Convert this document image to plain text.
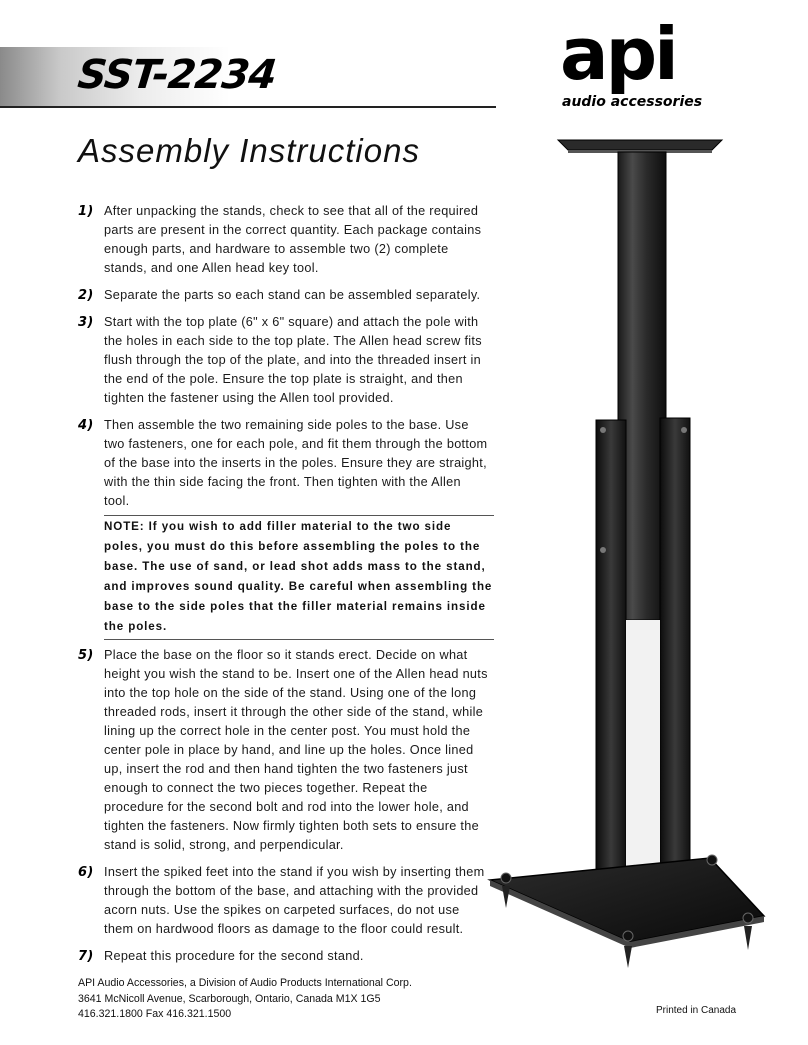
SST-2234	api
audio accessories
Assembly Instructions
1) After unpacking the stands, check to see that all of the required parts are present in the correct quantity. Each package contains enough parts, and hardware to assemble two (2) complete stands, and one Allen head key tool.
2) Separate the parts so each stand can be assembled separately.
3) Start with the top plate (6" x 6" square) and attach the pole with the holes in each side to the top plate. The Allen head screw fits flush through the top of the plate, and into the threaded insert in the end of the pole. Ensure the top plate is straight, and then tighten the fastener using the Allen tool provided.
4) Then assemble the two remaining side poles to the base. Use two fasteners, one for each pole, and fit them through the bottom of the base into the inserts in the poles. Ensure they are straight, with the thin side facing the front. Then tighten with the Allen tool.
NOTE: If you wish to add filler material to the two side poles, you must do this before assembling the poles to the base. The use of sand, or lead shot adds mass to the stand, and improves sound quality. Be careful when assembling the base to the side poles that the filler material remains inside the poles.
5) Place the base on the floor so it stands erect. Decide on what height you wish the stand to be. Insert one of the Allen head nuts into the top hole on the side of the stand. Using one of the long threaded rods, insert it through the other side of the stand, while lining up the correct hole in the center post. You must hold the center pole in place by hand, and line up the holes. Once lined up, insert the rod and then hand tighten the two fasteners just enough to connect the two pieces together. Repeat the procedure for the second bolt and rod into the lower hole, and tighten the fasteners. Now firmly tighten both sets to ensure the stand is solid, strong, and perpendicular.
6) Insert the spiked feet into the stand if you wish by inserting them through the bottom of the base, and attaching with the provided acorn nuts. Use the spikes on carpeted surfaces, do not use them on hardwood floors as damage to the floor could result.
7) Repeat this procedure for the second stand.
API Audio Accessories, a Division of Audio Products International Corp.
3641 McNicoll Avenue, Scarborough, Ontario, Canada M1X 1G5
416.321.1800 Fax 416.321.1500	Printed in Canada
